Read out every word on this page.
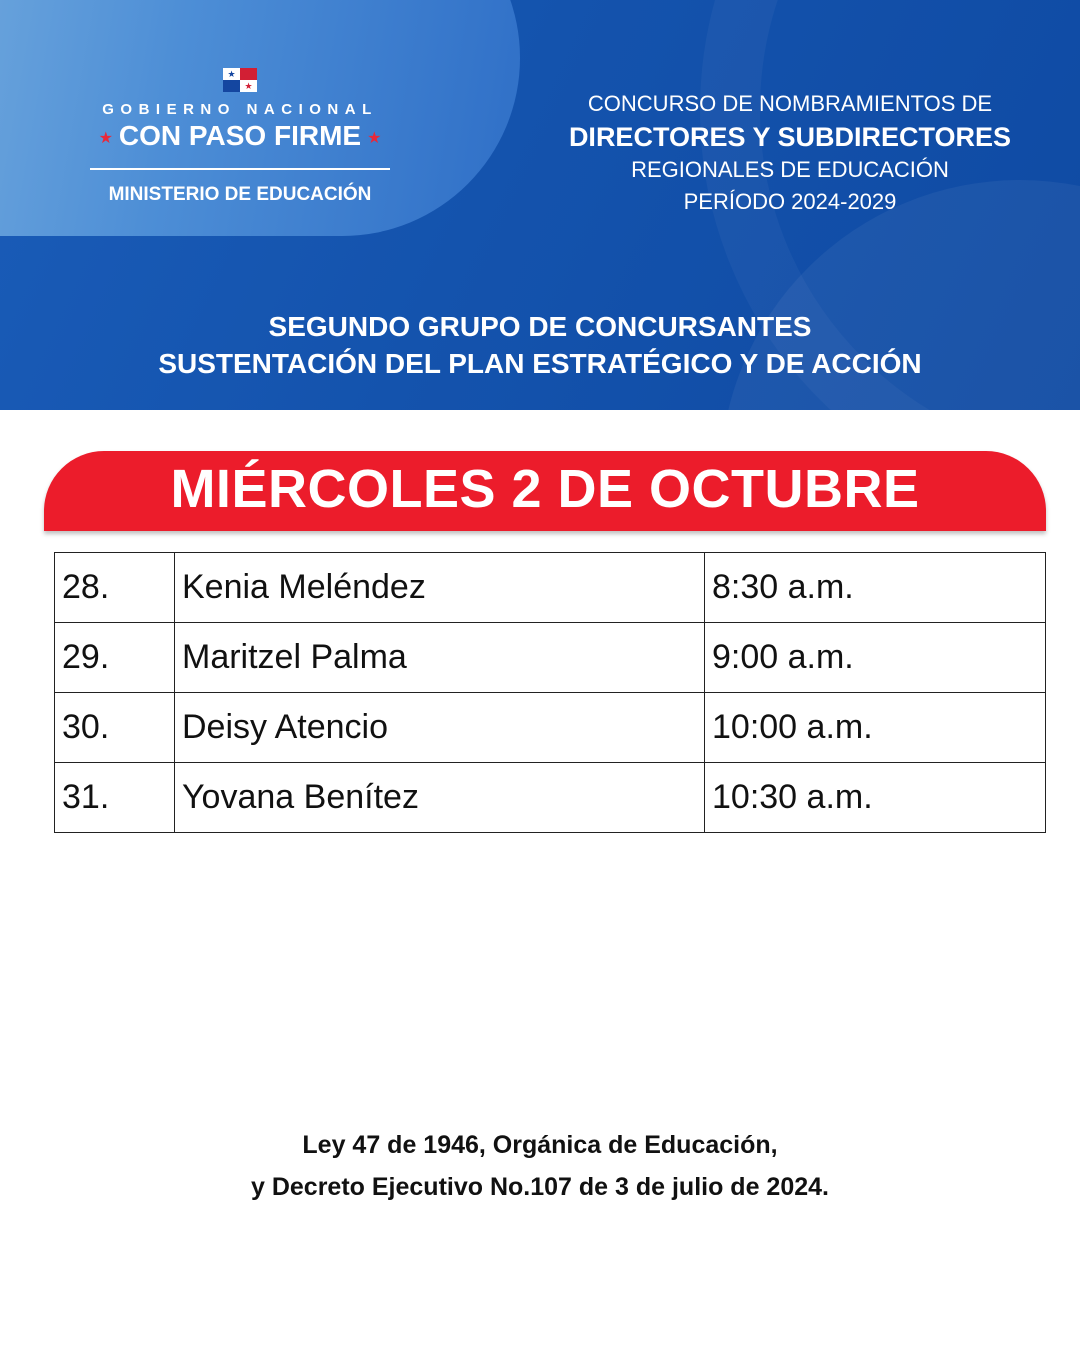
★
★
GOBIERNO NACIONAL
★ CON PASO FIRME ★
MINISTERIO DE EDUCACIÓN
CONCURSO DE NOMBRAMIENTOS DE
DIRECTORES Y SUBDIRECTORES
REGIONALES DE EDUCACIÓN
PERÍODO 2024-2029
SEGUNDO GRUPO DE CONCURSANTES
SUSTENTACIÓN DEL PLAN ESTRATÉGICO Y DE ACCIÓN
MIÉRCOLES 2 DE OCTUBRE
28.	Kenia Meléndez	8:30 a.m.
29.	Maritzel Palma	9:00 a.m.
30.	Deisy Atencio	10:00 a.m.
31.	Yovana Benítez	10:30 a.m.
Ley 47 de 1946, Orgánica de Educación,
y Decreto Ejecutivo No.107 de 3 de julio de 2024.
